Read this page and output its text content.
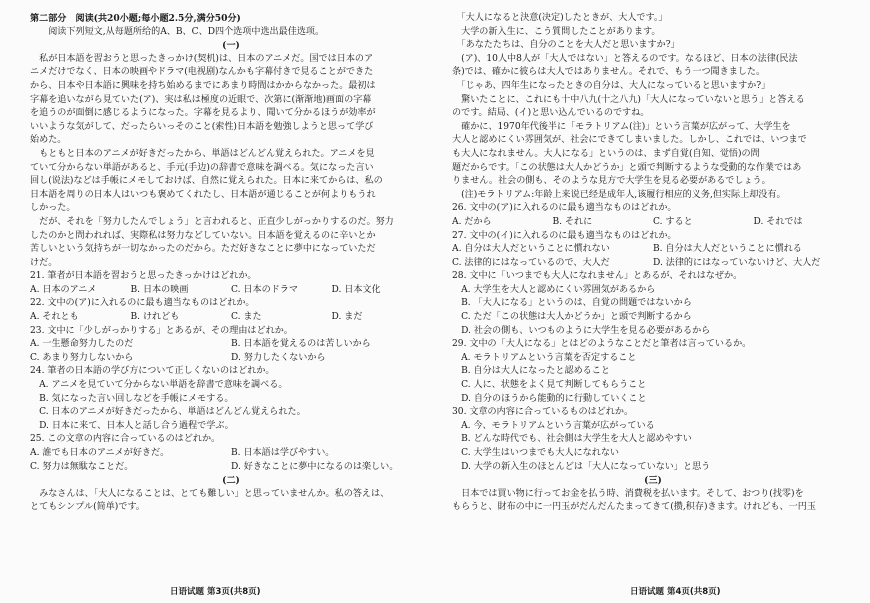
第二部分　阅读(共20小题;每小题2.5分,满分50分)
　　阅读下列短文,从每题所给的A、B、C、D四个选项中选出最佳选项。
(一)
　私が日本語を習おうと思ったきっかけ(契机)は、日本のアニメだ。国では日本のア
ニメだけでなく、日本の映画やドラマ(电视剧)なんかも字幕付きで見ることができた
から、日本や日本語に興味を持ち始めるまでにあまり時間はかからなかった。最初は
字幕を追いながら見ていた(ア)、実は私は極度の近眼で、次第に(渐渐地)画面の字幕
を追うのが面倒に感じるようになった。字幕を見るより、聞いて分かるほうが効率が
いいような気がして、だったらいっそのこと(索性)日本語を勉強しようと思って学び
始めた。
　もともと日本のアニメが好きだったから、単語はどんどん覚えられた。アニメを見
ていて分からない単語があると、手元(手边)の辞書で意味を調べる。気になった言い
回し(说法)などは手帳にメモしておけば、自然に覚えられた。日本に来てからは、私の
日本語を周りの日本人はいつも褒めてくれたし、日本語が通じることが何よりもうれ
しかった。
　だが、それを「努力したんでしょう」と言われると、正直少しがっかりするのだ。努力
したのかと問われれば、実際私は努力などしていない。日本語を覚えるのに辛いとか
苦しいという気持ちが一切なかったのだから。ただ好きなことに夢中になっていただ
けだ。
21. 筆者が日本語を習おうと思ったきっかけはどれか。
A. 日本のアニメ	B. 日本の映画	C. 日本のドラマ	D. 日本文化
22. 文中の(ア)に入れるのに最も適当なものはどれか。
A. それとも	B. けれども	C. また	D. まだ
23. 文中に「少しがっかりする」とあるが、その理由はどれか。
A. 一生懸命努力したのだ	B. 日本語を覚えるのは苦しいから
C. あまり努力しないから	D. 努力したくないから
24. 筆者の日本語の学び方について正しくないのはどれか。
　A. アニメを見ていて分からない単語を辞書で意味を調べる。
　B. 気になった言い回しなどを手帳にメモする。
　C. 日本のアニメが好きだったから、単語はどんどん覚えられた。
　D. 日本に来て、日本人と話し合う過程で学ぶ。
25. この文章の内容に合っているのはどれか。
A. 誰でも日本のアニメが好きだ。	B. 日本語は学びやすい。
C. 努力は無駄なことだ。	D. 好きなことに夢中になるのは楽しい。
(二)
　みなさんは、「大人になることは、とても難しい」と思っていませんか。私の答えは、
とてもシンプル(简单)です。
　「大人になると決意(决定)したときが、大人です。」
　大学の新入生に、こう質問したことがあります。
　「あなたたちは、自分のことを大人だと思いますか?」
　(ア)、10人中8人が「大人ではない」と答えるのです。なるほど、日本の法律(民法
条)では、確かに彼らは大人ではありません。それで、もう一つ聞きました。
　「じゃあ、四年生になったときの自分は、大人になっていると思いますか?」
　驚いたことに、これにも十中八九(十之八九)「大人になっていないと思う」と答える
のです。結局、(イ)と思い込んでいるのですね。
　確かに、1970年代後半に「モラトリアム(注)」という言葉が広がって、大学生を
大人と認めにくい雰囲気が、社会にできてしまいました。しかし、これでは、いつまで
も大人になれません。大人になる」というのは、まず自覚(自知、觉悟)の問
題だからです。「この状態は大人かどうか」と頭で判断するような受動的な作業ではあ
りません。社会の側も、そのような見方で大学生を見る必要があるでしょう。
　(注)モラトリアム:年龄上来说已经是成年人,该履行相应的义务,但实际上却没有。
26. 文中の(ア)に入れるのに最も適当なものはどれか。
A. だから	B. それに	C. すると	D. それでは
27. 文中の(イ)に入れるのに最も適当なものはどれか。
A. 自分は大人だということに慣れない	B. 自分は大人だということに慣れる
C. 法律的にはなっているので、大人だ	D. 法律的にはなっていないけど、大人だ
28. 文中に「いつまでも大人になれません」とあるが、それはなぜか。
　A. 大学生を大人と認めにくい雰囲気があるから
　B. 「大人になる」というのは、自覚の問題ではないから
　C. ただ「この状態は大人かどうか」と頭で判断するから
　D. 社会の側も、いつものように大学生を見る必要があるから
29. 文中の「大人になる」とはどのようなことだと筆者は言っているか。
　A. モラトリアムという言葉を否定すること
　B. 自分は大人になったと認めること
　C. 人に、状態をよく見て判断してもらうこと
　D. 自分のほうから能動的に行動していくこと
30. 文章の内容に合っているものはどれか。
　A. 今、モラトリアムという言葉が広がっている
　B. どんな時代でも、社会側は大学生を大人と認めやすい
　C. 大学生はいつまでも大人になれない
　D. 大学の新入生のほとんどは「大人になっていない」と思う
(三)
　日本では買い物に行ってお金を払う時、消費税を払います。そして、おつり(找零)を
もらうと、財布の中に一円玉がだんだんたまってきて(攒,积存)きます。けれども、一円玉
日语试题 第3页(共8页)	日语试题 第4页(共8页)
